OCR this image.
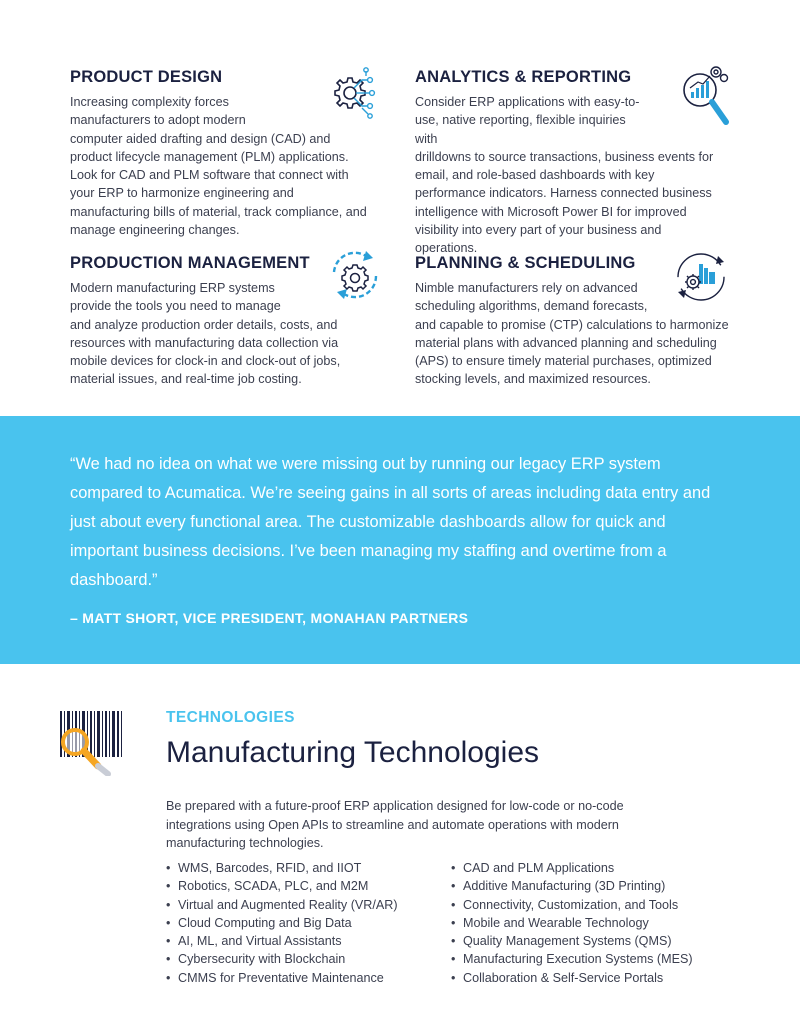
PRODUCT DESIGN

Increasing complexity forces manufacturers to adopt modern
computer aided drafting and design (CAD) and product lifecycle management (PLM) applications. Look for CAD and PLM software that connect with your ERP to harmonize engineering and manufacturing bills of material, track compliance, and manage engineering changes.

ANALYTICS & REPORTING

Consider ERP applications with easy-to-use, native reporting, flexible inquiries with
drilldowns to source transactions, business events for email, and role-based dashboards with key performance indicators. Harness connected business intelligence with Microsoft Power BI for improved visibility into every part of your business and operations.

PRODUCTION MANAGEMENT

Modern manufacturing ERP systems provide the tools you need to manage
and analyze production order details, costs, and resources with manufacturing data collection via mobile devices for clock-in and clock-out of jobs, material issues, and real-time job costing.

PLANNING & SCHEDULING

Nimble manufacturers rely on advanced scheduling algorithms, demand forecasts,
and capable to promise (CTP) calculations to harmonize material plans with advanced planning and scheduling (APS) to ensure timely material purchases, optimized stocking levels, and maximized resources.

“We had no idea on what we were missing out by running our legacy ERP system compared to Acumatica. We’re seeing gains in all sorts of areas including data entry and just about every functional area. The customizable dashboards allow for quick and important business decisions. I’ve been managing my staffing and overtime from a dashboard.”
– MATT SHORT, VICE PRESIDENT, MONAHAN PARTNERS
TECHNOLOGIES
Manufacturing Technologies

Be prepared with a future-proof ERP application designed for low-code or no-code integrations using Open APIs to streamline and automate operations with modern manufacturing technologies.

• WMS, Barcodes, RFID, and IIOT
• Robotics, SCADA, PLC, and M2M
• Virtual and Augmented Reality (VR/AR)
• Cloud Computing and Big Data
• AI, ML, and Virtual Assistants
• Cybersecurity with Blockchain
• CMMS for Preventative Maintenance
• CAD and PLM Applications
• Additive Manufacturing (3D Printing)
• Connectivity, Customization, and Tools
• Mobile and Wearable Technology
• Quality Management Systems (QMS)
• Manufacturing Execution Systems (MES)
• Collaboration & Self-Service Portals
